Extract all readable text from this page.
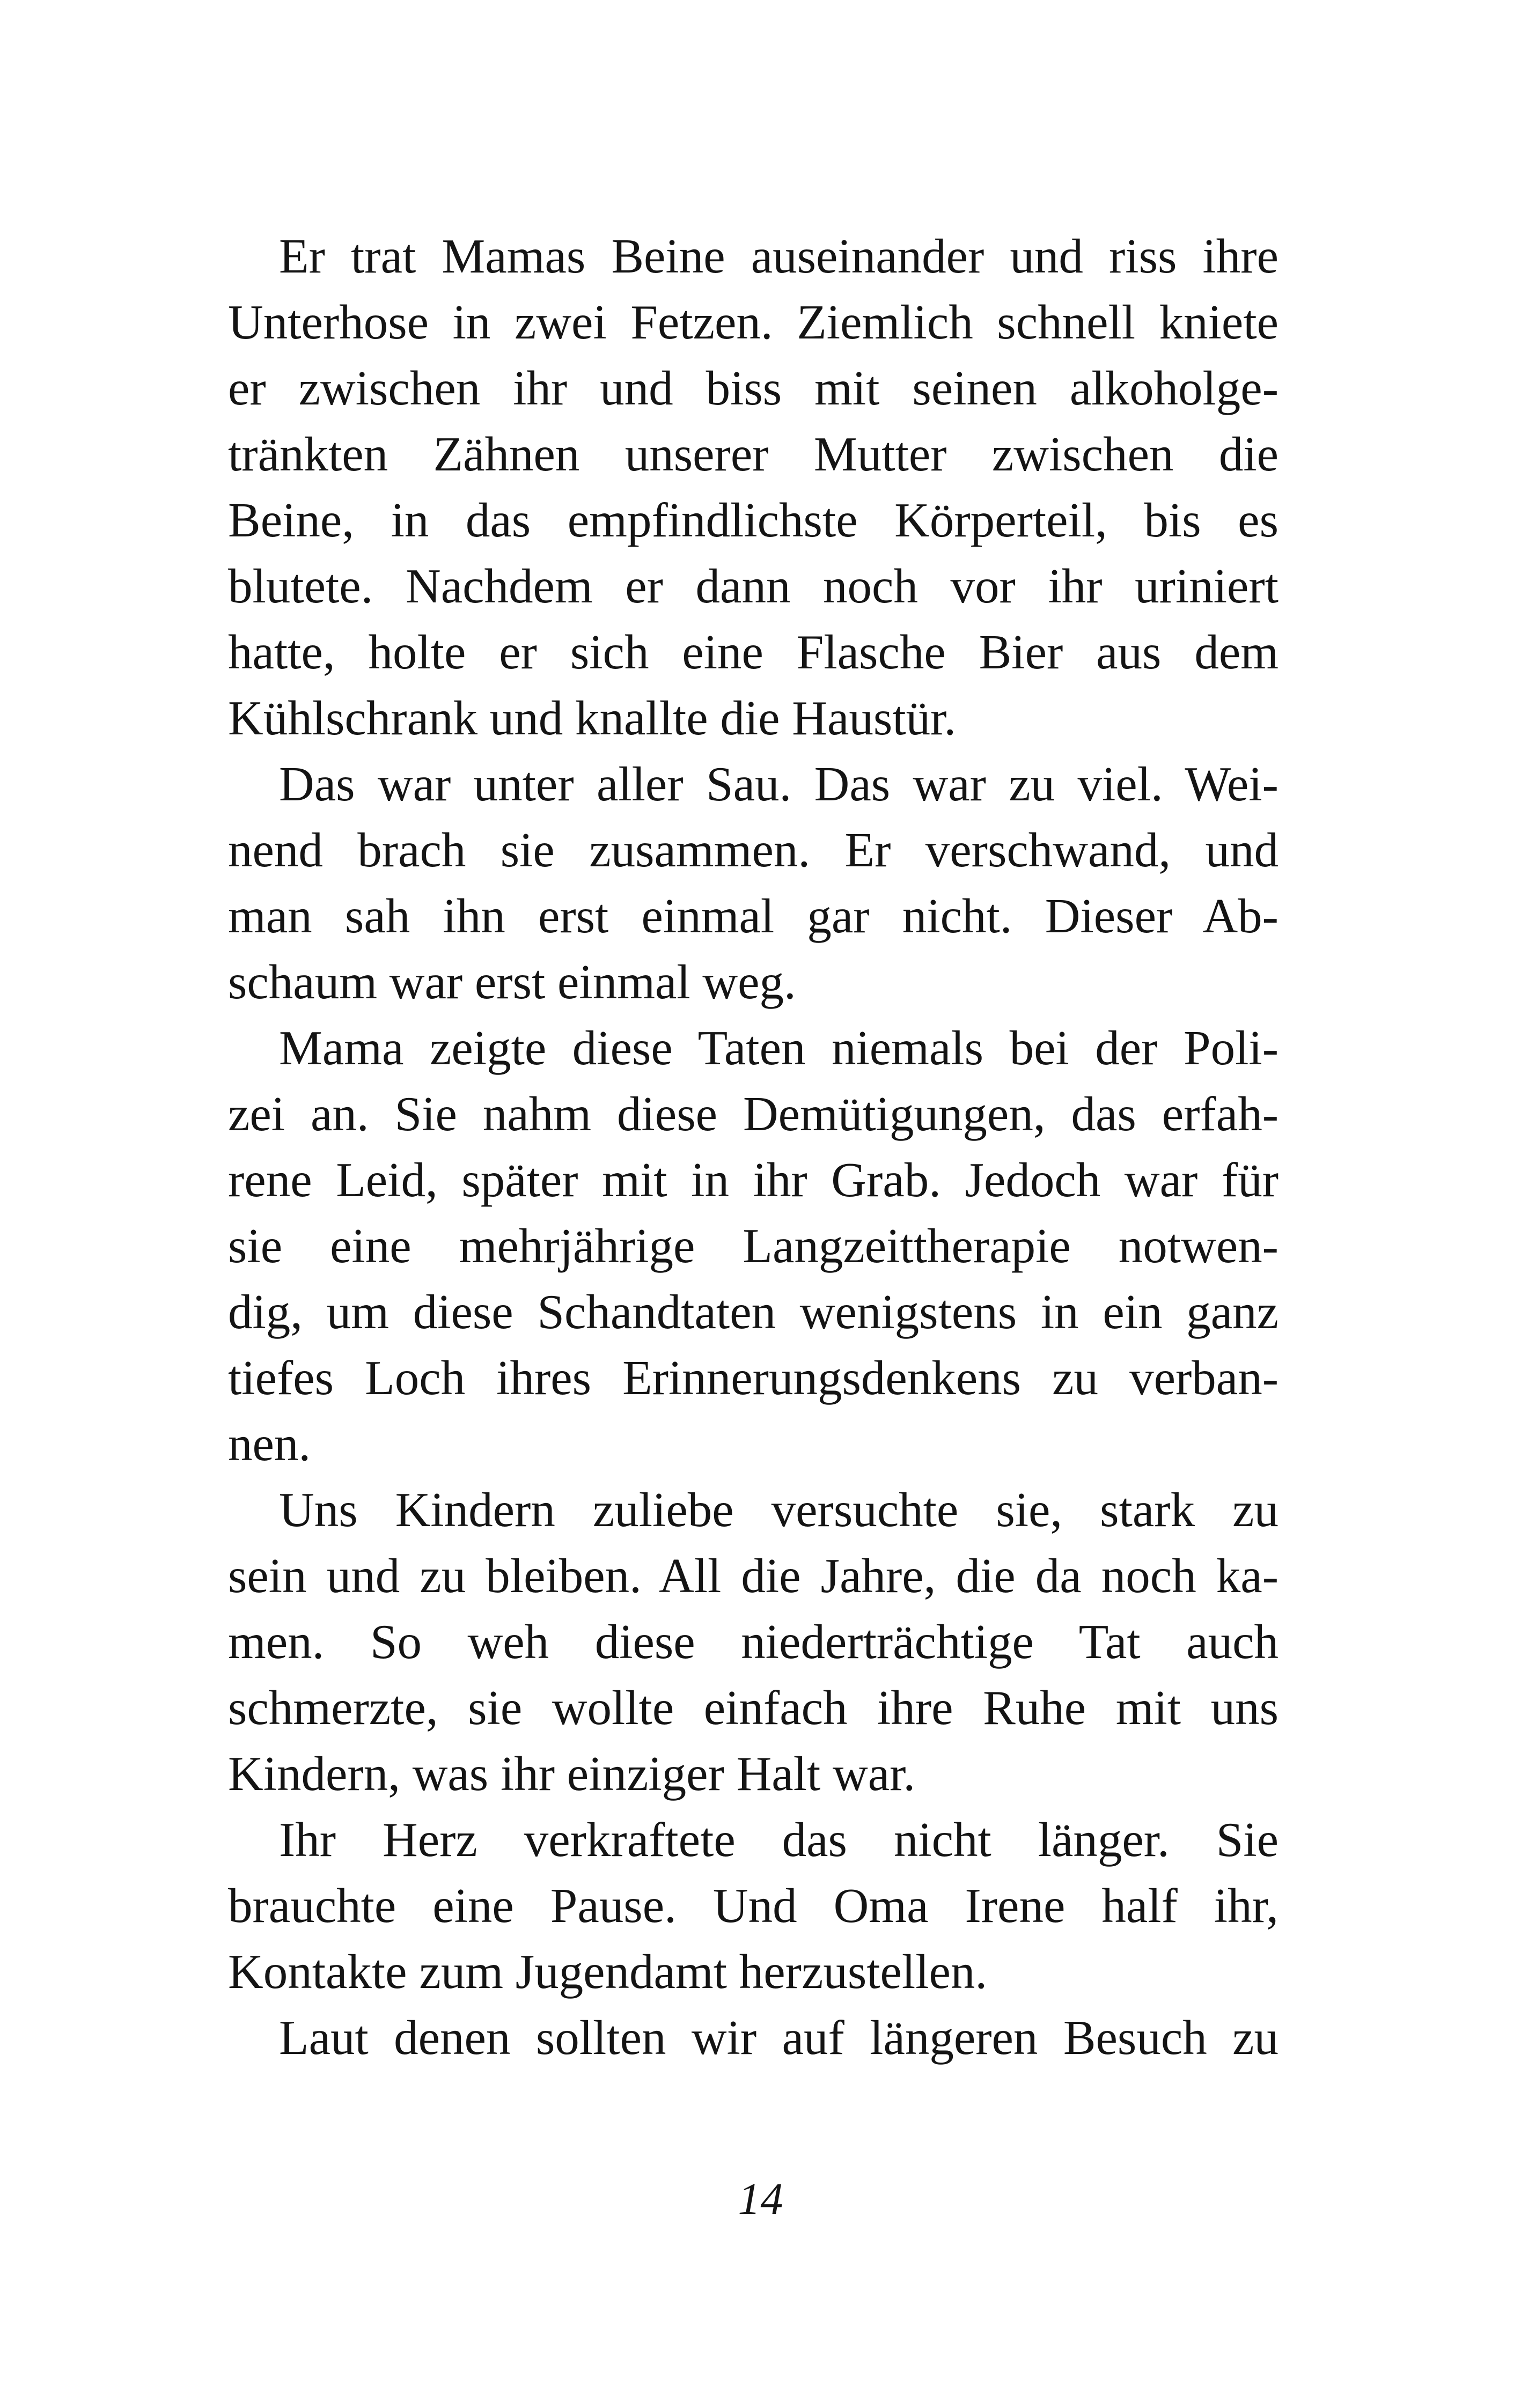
Er trat Mamas Beine auseinander und riss ihre
Unterhose in zwei Fetzen. Ziemlich schnell kniete
er zwischen ihr und biss mit seinen alkoholge-
tränkten Zähnen unserer Mutter zwischen die
Beine, in das empfindlichste Körperteil, bis es
blutete. Nachdem er dann noch vor ihr uriniert
hatte, holte er sich eine Flasche Bier aus dem
Kühlschrank und knallte die Haustür.
Das war unter aller Sau. Das war zu viel. Wei-
nend brach sie zusammen. Er verschwand, und
man sah ihn erst einmal gar nicht. Dieser Ab-
schaum war erst einmal weg.
Mama zeigte diese Taten niemals bei der Poli-
zei an. Sie nahm diese Demütigungen, das erfah-
rene Leid, später mit in ihr Grab. Jedoch war für
sie eine mehrjährige Langzeittherapie notwen-
dig, um diese Schandtaten wenigstens in ein ganz
tiefes Loch ihres Erinnerungsdenkens zu verban-
nen.
Uns Kindern zuliebe versuchte sie, stark zu
sein und zu bleiben. All die Jahre, die da noch ka-
men. So weh diese niederträchtige Tat auch
schmerzte, sie wollte einfach ihre Ruhe mit uns
Kindern, was ihr einziger Halt war.
Ihr Herz verkraftete das nicht länger. Sie
brauchte eine Pause. Und Oma Irene half ihr,
Kontakte zum Jugendamt herzustellen.
Laut denen sollten wir auf längeren Besuch zu
14
